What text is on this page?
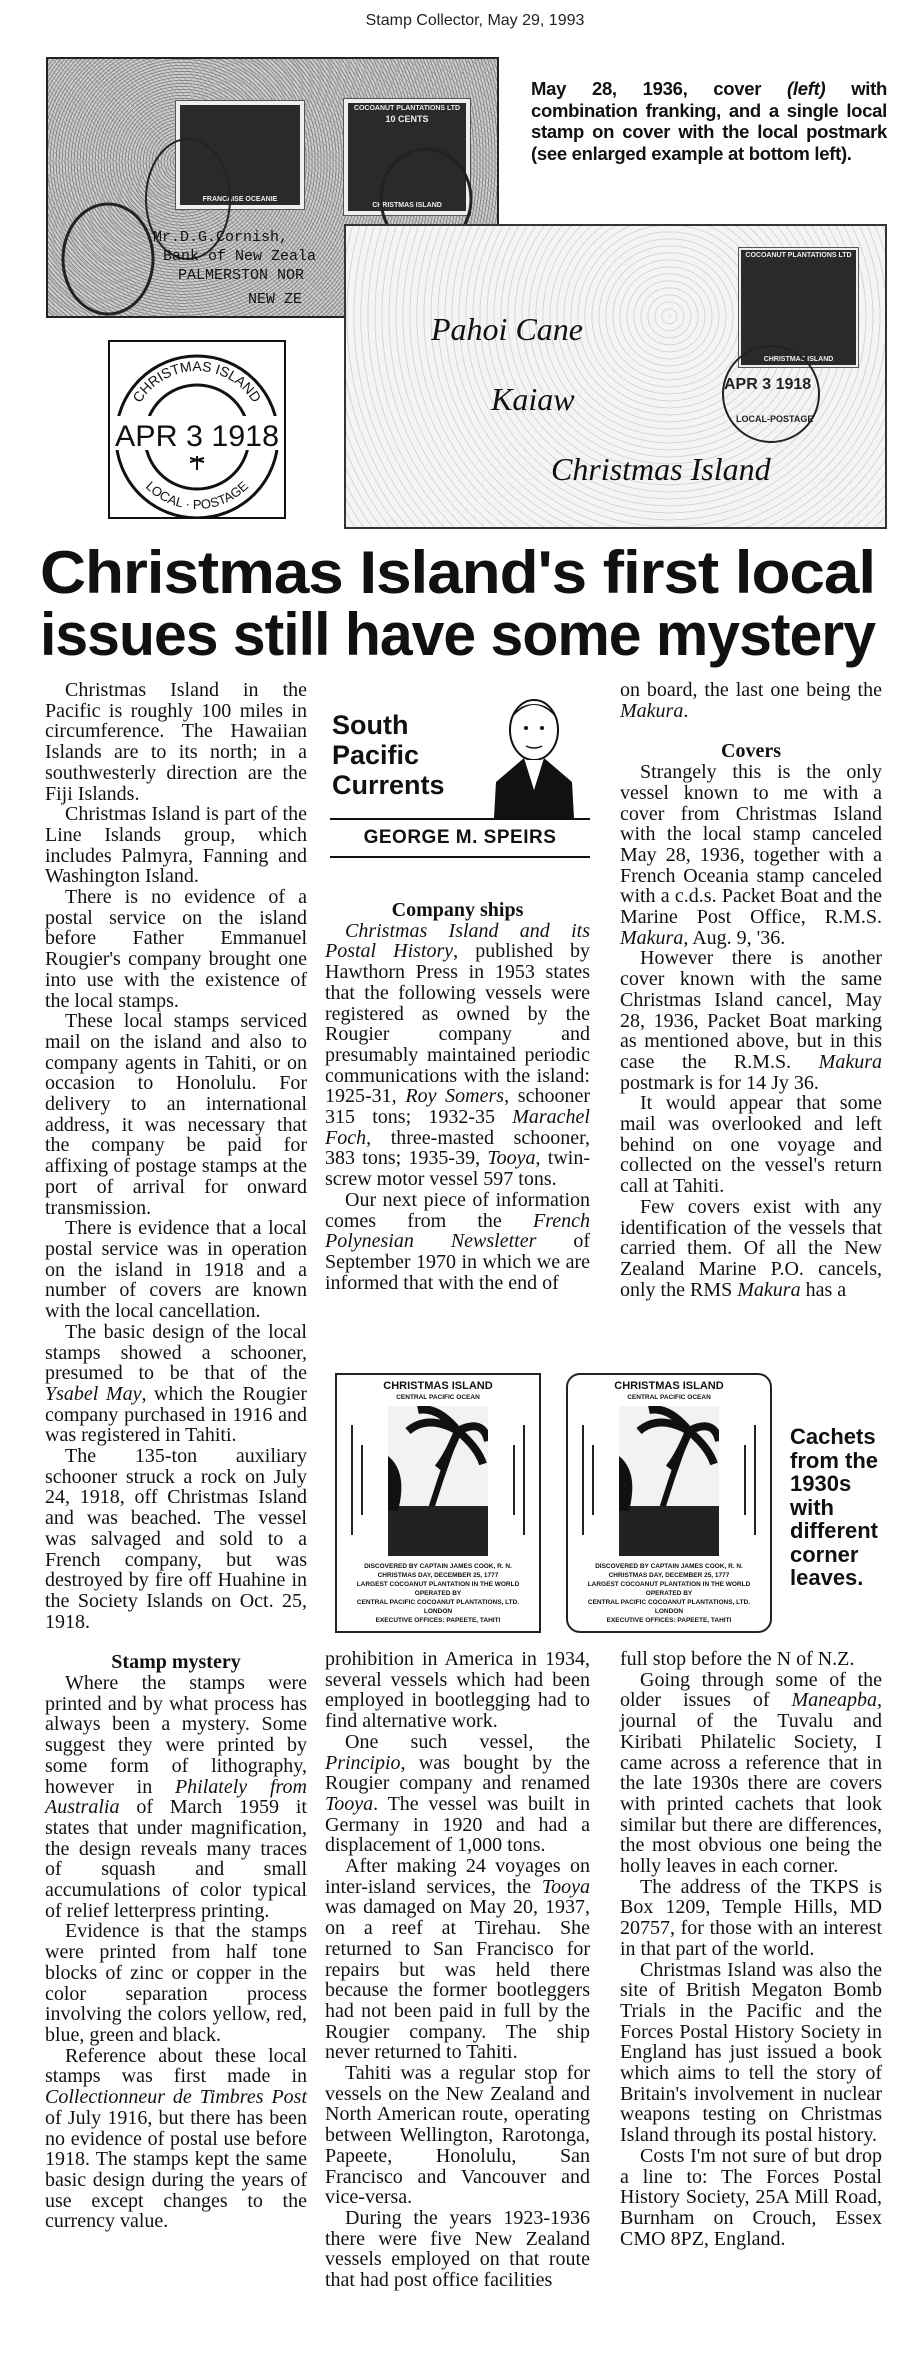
Stamp Collector, May 29, 1993
FRANCAISE OCEANIE
COCOANUT PLANTATIONS LTD
10 CENTS
CHRISTMAS ISLAND
Mr.D.G.Cornish,
Bank of New Zeala
PALMERSTON NOR
NEW ZE
May 28, 1936, cover (left) with combination franking, and a single local stamp on cover with the local postmark (see enlarged example at bottom left).
COCOANUT PLANTATIONS LTD
CHRISTMAS ISLAND
APR 3 1918
LOCAL-POSTAGE
Pahoi Cane
Kaiaw
Christmas Island
CHRISTMAS ISLAND
LOCAL · POSTAGE
APR 3 1918
Christmas Island's first local
issues still have some mystery
South
Pacific
Currents
GEORGE M. SPEIRS

Christmas Island in the Pacific is roughly 100 miles in circumference. The Hawaiian Islands are to its north; in a southwesterly direction are the Fiji Islands.

Christmas Island is part of the Line Islands group, which includes Palmyra, Fanning and Washington Island.

There is no evidence of a postal service on the island before Father Emmanuel Rougier's company brought one into use with the existence of the local stamps.

These local stamps serviced mail on the island and also to company agents in Tahiti, or on occasion to Honolulu. For delivery to an international address, it was necessary that the company be paid for affixing of postage stamps at the port of arrival for onward transmission.

There is evidence that a local postal service was in operation on the island in 1918 and a number of covers are known with the local cancellation.

The basic design of the local stamps showed a schooner, presumed to be that of the Ysabel May, which the Rougier company purchased in 1916 and was registered in Tahiti.

The 135-ton auxiliary schooner struck a rock on July 24, 1918, off Christmas Island and was beached. The vessel was salvaged and sold to a French company, but was destroyed by fire off Huahine in the Society Islands on Oct. 25, 1918.

Stamp mystery

Where the stamps were printed and by what process has always been a mystery. Some suggest they were printed by some form of lithography, however in Philately from Australia of March 1959 it states that under magnification, the design reveals many traces of squash and small accumulations of color typical of relief letterpress printing.

Evidence is that the stamps were printed from half tone blocks of zinc or copper in the color separation process involving the colors yellow, red, blue, green and black.

Reference about these local stamps was first made in Collectionneur de Timbres Post of July 1916, but there has been no evidence of postal use before 1918. The stamps kept the same basic design during the years of use except changes to the currency value.

Company ships

Christmas Island and its Postal History, published by Hawthorn Press in 1953 states that the following vessels were registered as owned by the Rougier company and presumably maintained periodic communications with the island: 1925-31, Roy Somers, schooner 315 tons; 1932-35 Marachel Foch, three-masted schooner, 383 tons; 1935-39, Tooya, twin-screw motor vessel 597 tons.

Our next piece of information comes from the French Polynesian Newsletter of September 1970 in which we are informed that with the end of

prohibition in America in 1934, several vessels which had been employed in bootlegging had to find alternative work.

One such vessel, the Principio, was bought by the Rougier company and renamed Tooya. The vessel was built in Germany in 1920 and had a displacement of 1,000 tons.

After making 24 voyages on inter-island services, the Tooya was damaged on May 20, 1937, on a reef at Tirehau. She returned to San Francisco for repairs but was held there because the former bootleggers had not been paid in full by the Rougier company. The ship never returned to Tahiti.

Tahiti was a regular stop for vessels on the New Zealand and North American route, operating between Wellington, Rarotonga, Papeete, Honolulu, San Francisco and Vancouver and vice-versa.

During the years 1923-1936 there were five New Zealand vessels employed on that route that had post office facilities

on board, the last one being the Makura.

Covers

Strangely this is the only vessel known to me with a cover from Christmas Island with the local stamp canceled May 28, 1936, together with a French Oceania stamp canceled with a c.d.s. Packet Boat and the Marine Post Office, R.M.S. Makura, Aug. 9, '36.

However there is another cover known with the same Christmas Island cancel, May 28, 1936, Packet Boat marking as mentioned above, but in this case the R.M.S. Makura postmark is for 14 Jy 36.

It would appear that some mail was overlooked and left behind on one voyage and collected on the vessel's return call at Tahiti.

Few covers exist with any identification of the vessels that carried them. Of all the New Zealand Marine P.O. cancels, only the RMS Makura has a

full stop before the N of N.Z.

Going through some of the older issues of Maneapba, journal of the Tuvalu and Kiribati Philatelic Society, I came across a reference that in the late 1930s there are covers with printed cachets that look similar but there are differences, the most obvious one being the holly leaves in each corner.

The address of the TKPS is Box 1209, Temple Hills, MD 20757, for those with an interest in that part of the world.

Christmas Island was also the site of British Megaton Bomb Trials in the Pacific and the Forces Postal History Society in England has just issued a book which aims to tell the story of Britain's involvement in nuclear weapons testing on Christmas Island through its postal history.

Costs I'm not sure of but drop a line to: The Forces Postal History Society, 25A Mill Road, Burnham on Crouch, Essex CMO 8PZ, England.

CHRISTMAS ISLAND
CENTRAL PACIFIC OCEAN
DISCOVERED BY CAPTAIN JAMES COOK, R. N.
CHRISTMAS DAY, DECEMBER 25, 1777
LARGEST COCOANUT PLANTATION IN THE WORLD
OPERATED BY
CENTRAL PACIFIC COCOANUT PLANTATIONS, LTD.
LONDON
EXECUTIVE OFFICES: PAPEETE, TAHITI
CHRISTMAS ISLAND
CENTRAL PACIFIC OCEAN
DISCOVERED BY CAPTAIN JAMES COOK, R. N.
CHRISTMAS DAY, DECEMBER 25, 1777
LARGEST COCOANUT PLANTATION IN THE WORLD
OPERATED BY
CENTRAL PACIFIC COCOANUT PLANTATIONS, LTD.
LONDON
EXECUTIVE OFFICES: PAPEETE, TAHITI
Cachets from the 1930s with different corner leaves.
